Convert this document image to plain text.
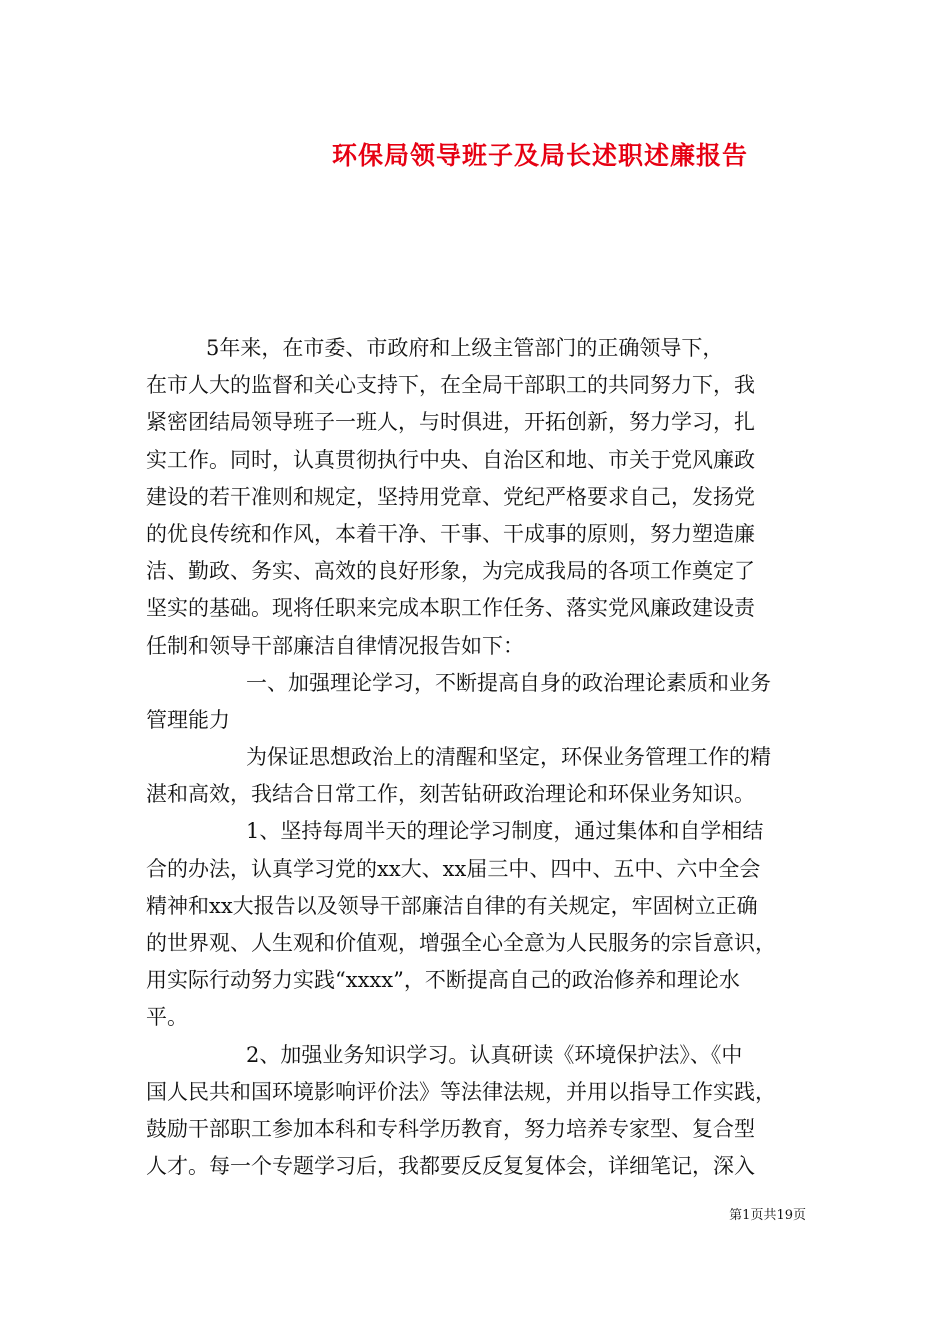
环保局领导班子及局长述职述廉报告
5年来，在市委、市政府和上级主管部门的正确领导下，
在市人大的监督和关心支持下，在全局干部职工的共同努力下，我
紧密团结局领导班子一班人，与时俱进，开拓创新，努力学习，扎
实工作。同时，认真贯彻执行中央、自治区和地、市关于党风廉政
建设的若干准则和规定，坚持用党章、党纪严格要求自己，发扬党
的优良传统和作风，本着干净、干事、干成事的原则，努力塑造廉
洁、勤政、务实、高效的良好形象，为完成我局的各项工作奠定了
坚实的基础。现将任职来完成本职工作任务、落实党风廉政建设责
任制和领导干部廉洁自律情况报告如下：
一、加强理论学习，不断提高自身的政治理论素质和业务
管理能力
为保证思想政治上的清醒和坚定，环保业务管理工作的精
湛和高效，我结合日常工作，刻苦钻研政治理论和环保业务知识。
1、坚持每周半天的理论学习制度，通过集体和自学相结
合的办法，认真学习党的xx大、xx届三中、四中、五中、六中全会
精神和xx大报告以及领导干部廉洁自律的有关规定，牢固树立正确
的世界观、人生观和价值观，增强全心全意为人民服务的宗旨意识，
用实际行动努力实践“xxxx”，不断提高自己的政治修养和理论水
平。
2、加强业务知识学习。认真研读《环境保护法》、《中
国人民共和国环境影响评价法》等法律法规，并用以指导工作实践，
鼓励干部职工参加本科和专科学历教育，努力培养专家型、复合型
人才。每一个专题学习后，我都要反反复复体会，详细笔记，深入
第1页共19页
